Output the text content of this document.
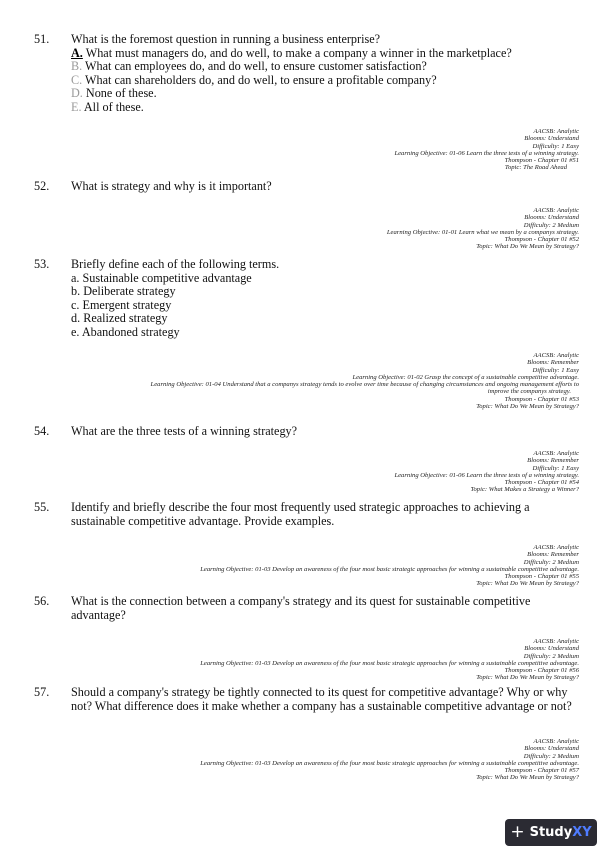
51. What is the foremost question in running a business enterprise?
A. What must managers do, and do well, to make a company a winner in the marketplace?
B. What can employees do, and do well, to ensure customer satisfaction?
C. What can shareholders do, and do well, to ensure a profitable company?
D. None of these.
E. All of these.
AACSB: Analytic
Blooms: Understand
Difficulty: 1 Easy
Learning Objective: 01-06 Learn the three tests of a winning strategy.
Thompson - Chapter 01 #51
Topic: The Road Ahead
52. What is strategy and why is it important?
AACSB: Analytic
Blooms: Understand
Difficulty: 2 Medium
Learning Objective: 01-01 Learn what we mean by a companys strategy.
Thompson - Chapter 01 #52
Topic: What Do We Mean by Strategy?
53. Briefly define each of the following terms.
a. Sustainable competitive advantage
b. Deliberate strategy
c. Emergent strategy
d. Realized strategy
e. Abandoned strategy
AACSB: Analytic
Blooms: Remember
Difficulty: 1 Easy
Learning Objective: 01-02 Grasp the concept of a sustainable competitive advantage.
Learning Objective: 01-04 Understand that a companys strategy tends to evolve over time because of changing circumstances and ongoing management efforts to
improve the companys strategy.
Thompson - Chapter 01 #53
Topic: What Do We Mean by Strategy?
54. What are the three tests of a winning strategy?
AACSB: Analytic
Blooms: Remember
Difficulty: 1 Easy
Learning Objective: 01-06 Learn the three tests of a winning strategy.
Thompson - Chapter 01 #54
Topic: What Makes a Strategy a Winner?
55. Identify and briefly describe the four most frequently used strategic approaches to achieving a
sustainable competitive advantage. Provide examples.
AACSB: Analytic
Blooms: Remember
Difficulty: 2 Medium
Learning Objective: 01-03 Develop an awareness of the four most basic strategic approaches for winning a sustainable competitive advantage.
Thompson - Chapter 01 #55
Topic: What Do We Mean by Strategy?
56. What is the connection between a company's strategy and its quest for sustainable competitive
advantage?
AACSB: Analytic
Blooms: Understand
Difficulty: 2 Medium
Learning Objective: 01-03 Develop an awareness of the four most basic strategic approaches for winning a sustainable competitive advantage.
Thompson - Chapter 01 #56
Topic: What Do We Mean by Strategy?
57. Should a company's strategy be tightly connected to its quest for competitive advantage? Why or why
not? What difference does it make whether a company has a sustainable competitive advantage or not?
AACSB: Analytic
Blooms: Understand
Difficulty: 2 Medium
Learning Objective: 01-03 Develop an awareness of the four most basic strategic approaches for winning a sustainable competitive advantage.
Thompson - Chapter 01 #57
Topic: What Do We Mean by Strategy?
+ StudyXY
